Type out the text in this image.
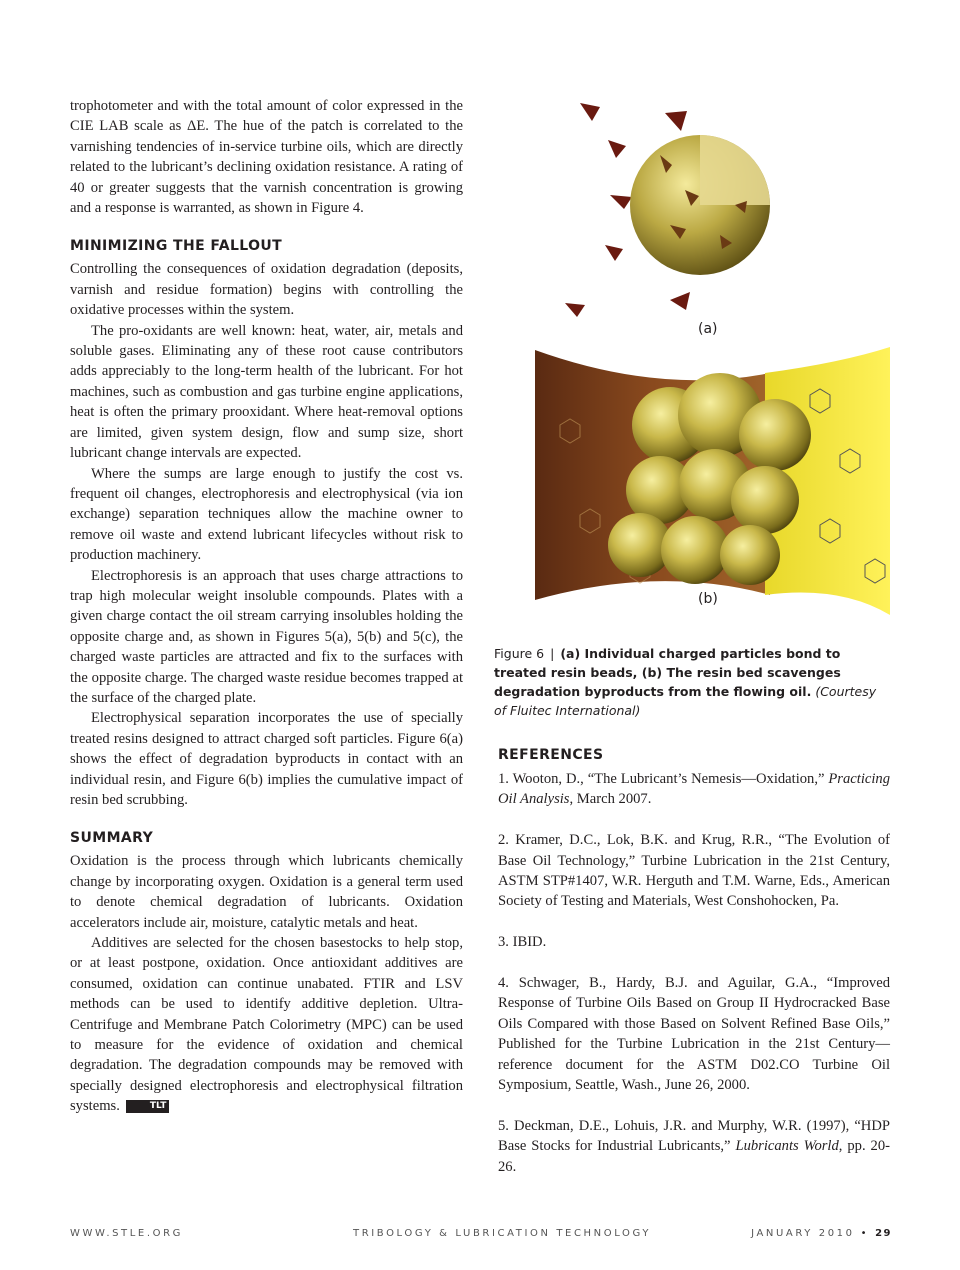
trophotometer and with the total amount of color expressed in the CIE LAB scale as ΔE. The hue of the patch is correlated to the varnishing tendencies of in-service turbine oils, which are directly related to the lubricant’s declining oxidation resistance. A rating of 40 or greater suggests that the varnish concentration is growing and a response is warranted, as shown in Figure 4.

MINIMIZING THE FALLOUT

Controlling the consequences of oxidation degradation (deposits, varnish and residue formation) begins with controlling the oxidative processes within the system.

The pro-oxidants are well known: heat, water, air, metals and soluble gases. Eliminating any of these root cause contributors adds appreciably to the long-term health of the lubricant. For hot machines, such as combustion and gas turbine engine applications, heat is often the primary prooxidant. Where heat-removal options are limited, given system design, flow and sump size, short lubricant change intervals are expected.

Where the sumps are large enough to justify the cost vs. frequent oil changes, electrophoresis and electrophysical (via ion exchange) separation techniques allow the machine owner to remove oil waste and extend lubricant lifecycles without risk to production machinery.

Electrophoresis is an approach that uses charge attractions to trap high molecular weight insoluble compounds. Plates with a given charge contact the oil stream carrying insolubles holding the opposite charge and, as shown in Figures 5(a), 5(b) and 5(c), the charged waste particles are attracted and fix to the surfaces with the opposite charge. The charged waste residue becomes trapped at the surface of the charged plate.

Electrophysical separation incorporates the use of specially treated resins designed to attract charged soft particles. Figure 6(a) shows the effect of degradation byproducts in contact with an individual resin, and Figure 6(b) implies the cumulative impact of resin bed scrubbing.

SUMMARY

Oxidation is the process through which lubricants chemically change by incorporating oxygen. Oxidation is a general term used to denote chemical degradation of lubricants. Oxidation accelerators include air, moisture, catalytic metals and heat.

Additives are selected for the chosen basestocks to help stop, or at least postpone, oxidation. Once antioxidant additives are consumed, oxidation can continue unabated. FTIR and LSV methods can be used to identify additive depletion. Ultra-Centrifuge and Membrane Patch Colorimetry (MPC) can be used to measure for the evidence of oxidation and chemical degradation. The degradation compounds may be removed with specially designed electrophoresis and electrophysical filtration systems.	TLT

(a)
(b)
Figure 6 | (a) Individual charged particles bond to treated resin beads, (b) The resin bed scavenges degradation byproducts from the flowing oil. (Courtesy of Fluitec International)
REFERENCES

1. Wooton, D., “The Lubricant’s Nemesis—Oxidation,” Practicing Oil Analysis, March 2007.

2. Kramer, D.C., Lok, B.K. and Krug, R.R., “The Evolution of Base Oil Technology,” Turbine Lubrication in the 21st Century, ASTM STP#1407, W.R. Herguth and T.M. Warne, Eds., American Society of Testing and Materials, West Conshohocken, Pa.

3. IBID.

4. Schwager, B., Hardy, B.J. and Aguilar, G.A., “Improved Response of Turbine Oils Based on Group II Hydrocracked Base Oils Compared with those Based on Solvent Refined Base Oils,” Published for the Turbine Lubrication in the 21st Century—reference document for the ASTM D02.CO Turbine Oil Symposium, Seattle, Wash., June 26, 2000.

5. Deckman, D.E., Lohuis, J.R. and Murphy, W.R. (1997), “HDP Base Stocks for Industrial Lubricants,” Lubricants World, pp. 20-26.

WWW.STLE.ORG	TRIBOLOGY & LUBRICATION TECHNOLOGY	JANUARY 2010 • 29
